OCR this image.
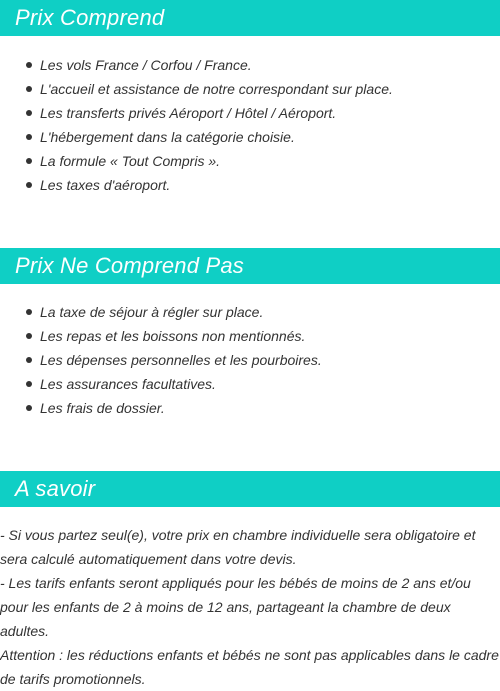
Prix Comprend
Les vols France / Corfou / France.
L'accueil et assistance de notre correspondant sur place.
Les transferts privés Aéroport / Hôtel / Aéroport.
L'hébergement dans la catégorie choisie.
La formule « Tout Compris ».
Les taxes d'aéroport.
Prix Ne Comprend Pas
La taxe de séjour à régler sur place.
Les repas et les boissons non mentionnés.
Les dépenses personnelles et les pourboires.
Les assurances facultatives.
Les frais de dossier.
A savoir

- Si vous partez seul(e), votre prix en chambre individuelle sera obligatoire et sera calculé automatiquement dans votre devis.

- Les tarifs enfants seront appliqués pour les bébés de moins de 2 ans et/ou pour les enfants de 2 à moins de 12 ans, partageant la chambre de deux adultes.

Attention : les réductions enfants et bébés ne sont pas applicables dans le cadre de tarifs promotionnels.
